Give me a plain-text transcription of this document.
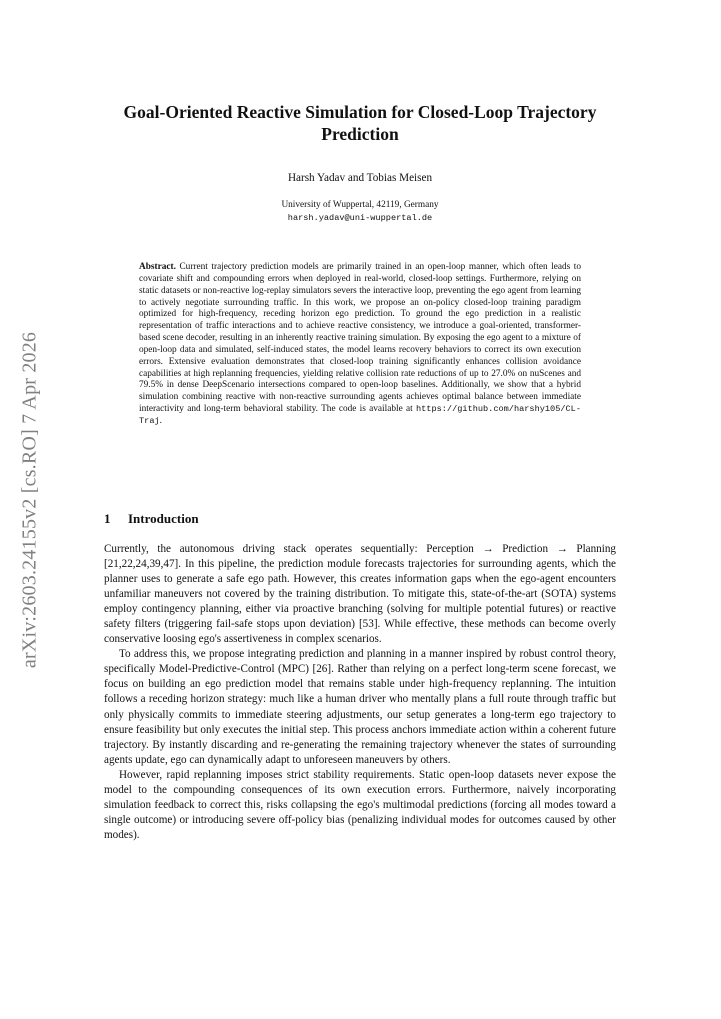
arXiv:2603.24155v2 [cs.RO] 7 Apr 2026
Goal-Oriented Reactive Simulation for Closed-Loop Trajectory Prediction
Harsh Yadav and Tobias Meisen
University of Wuppertal, 42119, Germany
harsh.yadav@uni-wuppertal.de
Abstract. Current trajectory prediction models are primarily trained in an open-loop manner, which often leads to covariate shift and compounding errors when deployed in real-world, closed-loop settings. Furthermore, relying on static datasets or non-reactive log-replay simulators severs the interactive loop, preventing the ego agent from learning to actively negotiate surrounding traffic. In this work, we propose an on-policy closed-loop training paradigm optimized for high-frequency, receding horizon ego prediction. To ground the ego prediction in a realistic representation of traffic interactions and to achieve reactive consistency, we introduce a goal-oriented, transformer-based scene decoder, resulting in an inherently reactive training simulation. By exposing the ego agent to a mixture of open-loop data and simulated, self-induced states, the model learns recovery behaviors to correct its own execution errors. Extensive evaluation demonstrates that closed-loop training significantly enhances collision avoidance capabilities at high replanning frequencies, yielding relative collision rate reductions of up to 27.0% on nuScenes and 79.5% in dense DeepScenario intersections compared to open-loop baselines. Additionally, we show that a hybrid simulation combining reactive with non-reactive surrounding agents achieves optimal balance between immediate interactivity and long-term behavioral stability. The code is available at https://github.com/harshy105/CL-Traj.
1 Introduction

Currently, the autonomous driving stack operates sequentially: Perception → Prediction → Planning [21,22,24,39,47]. In this pipeline, the prediction module forecasts trajectories for surrounding agents, which the planner uses to generate a safe ego path. However, this creates information gaps when the ego-agent encounters unfamiliar maneuvers not covered by the training distribution. To mitigate this, state-of-the-art (SOTA) systems employ contingency planning, either via proactive branching (solving for multiple potential futures) or reactive safety filters (triggering fail-safe stops upon deviation) [53]. While effective, these methods can become overly conservative loosing ego's assertiveness in complex scenarios.

To address this, we propose integrating prediction and planning in a manner inspired by robust control theory, specifically Model-Predictive-Control (MPC) [26]. Rather than relying on a perfect long-term scene forecast, we focus on building an ego prediction model that remains stable under high-frequency replanning. The intuition follows a receding horizon strategy: much like a human driver who mentally plans a full route through traffic but only physically commits to immediate steering adjustments, our setup generates a long-term ego trajectory to ensure feasibility but only executes the initial step. This process anchors immediate action within a coherent future trajectory. By instantly discarding and re-generating the remaining trajectory whenever the states of surrounding agents update, ego can dynamically adapt to unforeseen maneuvers by others.

However, rapid replanning imposes strict stability requirements. Static open-loop datasets never expose the model to the compounding consequences of its own execution errors. Furthermore, naively incorporating simulation feedback to correct this, risks collapsing the ego's multimodal predictions (forcing all modes toward a single outcome) or introducing severe off-policy bias (penalizing individual modes for outcomes caused by other modes).
